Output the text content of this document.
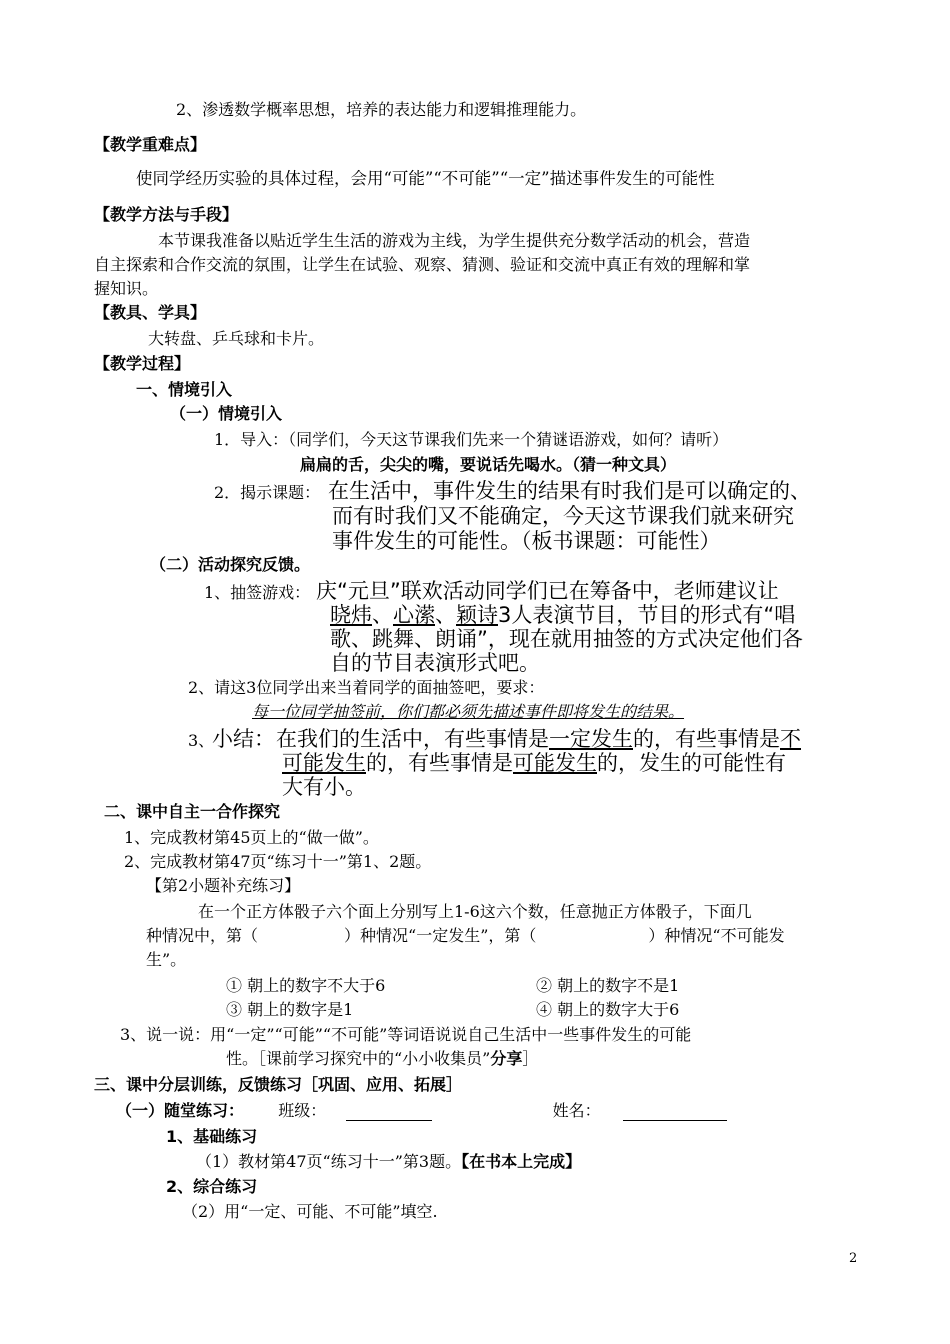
2、渗透数学概率思想，培养的表达能力和逻辑推理能力。
【教学重难点】
使同学经历实验的具体过程，会用“可能”“不可能”“一定”描述事件发生的可能性
【教学方法与手段】
本节课我准备以贴近学生生活的游戏为主线，为学生提供充分数学活动的机会，营造
自主探索和合作交流的氛围，让学生在试验、观察、猜测、验证和交流中真正有效的理解和掌
握知识。
【教具、学具】
大转盘、乒乓球和卡片。
【教学过程】
一、情境引入
（一）情境引入
1．导入：（同学们，今天这节课我们先来一个猜谜语游戏，如何？请听）
扁扁的舌，尖尖的嘴，要说话先喝水。（猜一种文具）
2．揭示课题： 在生活中，事件发生的结果有时我们是可以确定的、
而有时我们又不能确定，今天这节课我们就来研究
事件发生的可能性。（板书课题：可能性）
（二）活动探究反馈。
1、抽签游戏： 庆“元旦”联欢活动同学们已在筹备中，老师建议让
晓炜、心潆、颖诗3人表演节目，节目的形式有“唱
歌、跳舞、朗诵”，现在就用抽签的方式决定他们各
自的节目表演形式吧。
2、请这3位同学出来当着同学的面抽签吧，要求：
每一位同学抽签前，你们都必须先描述事件即将发生的结果。
3、
小结： 在我们的生活中，有些事情是一定发生的，有些事情是不
可能发生的，有些事情是可能发生的，发生的可能性有
大有小。
二、课中自主一合作探究
1、完成教材第45页上的“做一做”。
2、完成教材第47页“练习十一”第1、2题。
【第2小题补充练习】
在一个正方体骰子六个面上分别写上1-6这六个数，任意抛正方体骰子，下面几
种情况中，第（	）种情况“一定发生”，第（	）种情况“不可能发
生”。
① 朝上的数字不大于6	② 朝上的数字不是1
③ 朝上的数字是1	④ 朝上的数字大于6
3、说一说：用“一定”“可能”“不可能”等词语说说自己生活中一些事件发生的可能
性。［课前学习探究中的“小小收集员”分享］
三、课中分层训练，反馈练习［巩固、应用、拓展］
（一）随堂练习： 班级：	姓名：
1、基础练习
（1）教材第47页“练习十一”第3题。【在书本上完成】
2、综合练习
（2）用“一定、可能、不可能”填空.
2
